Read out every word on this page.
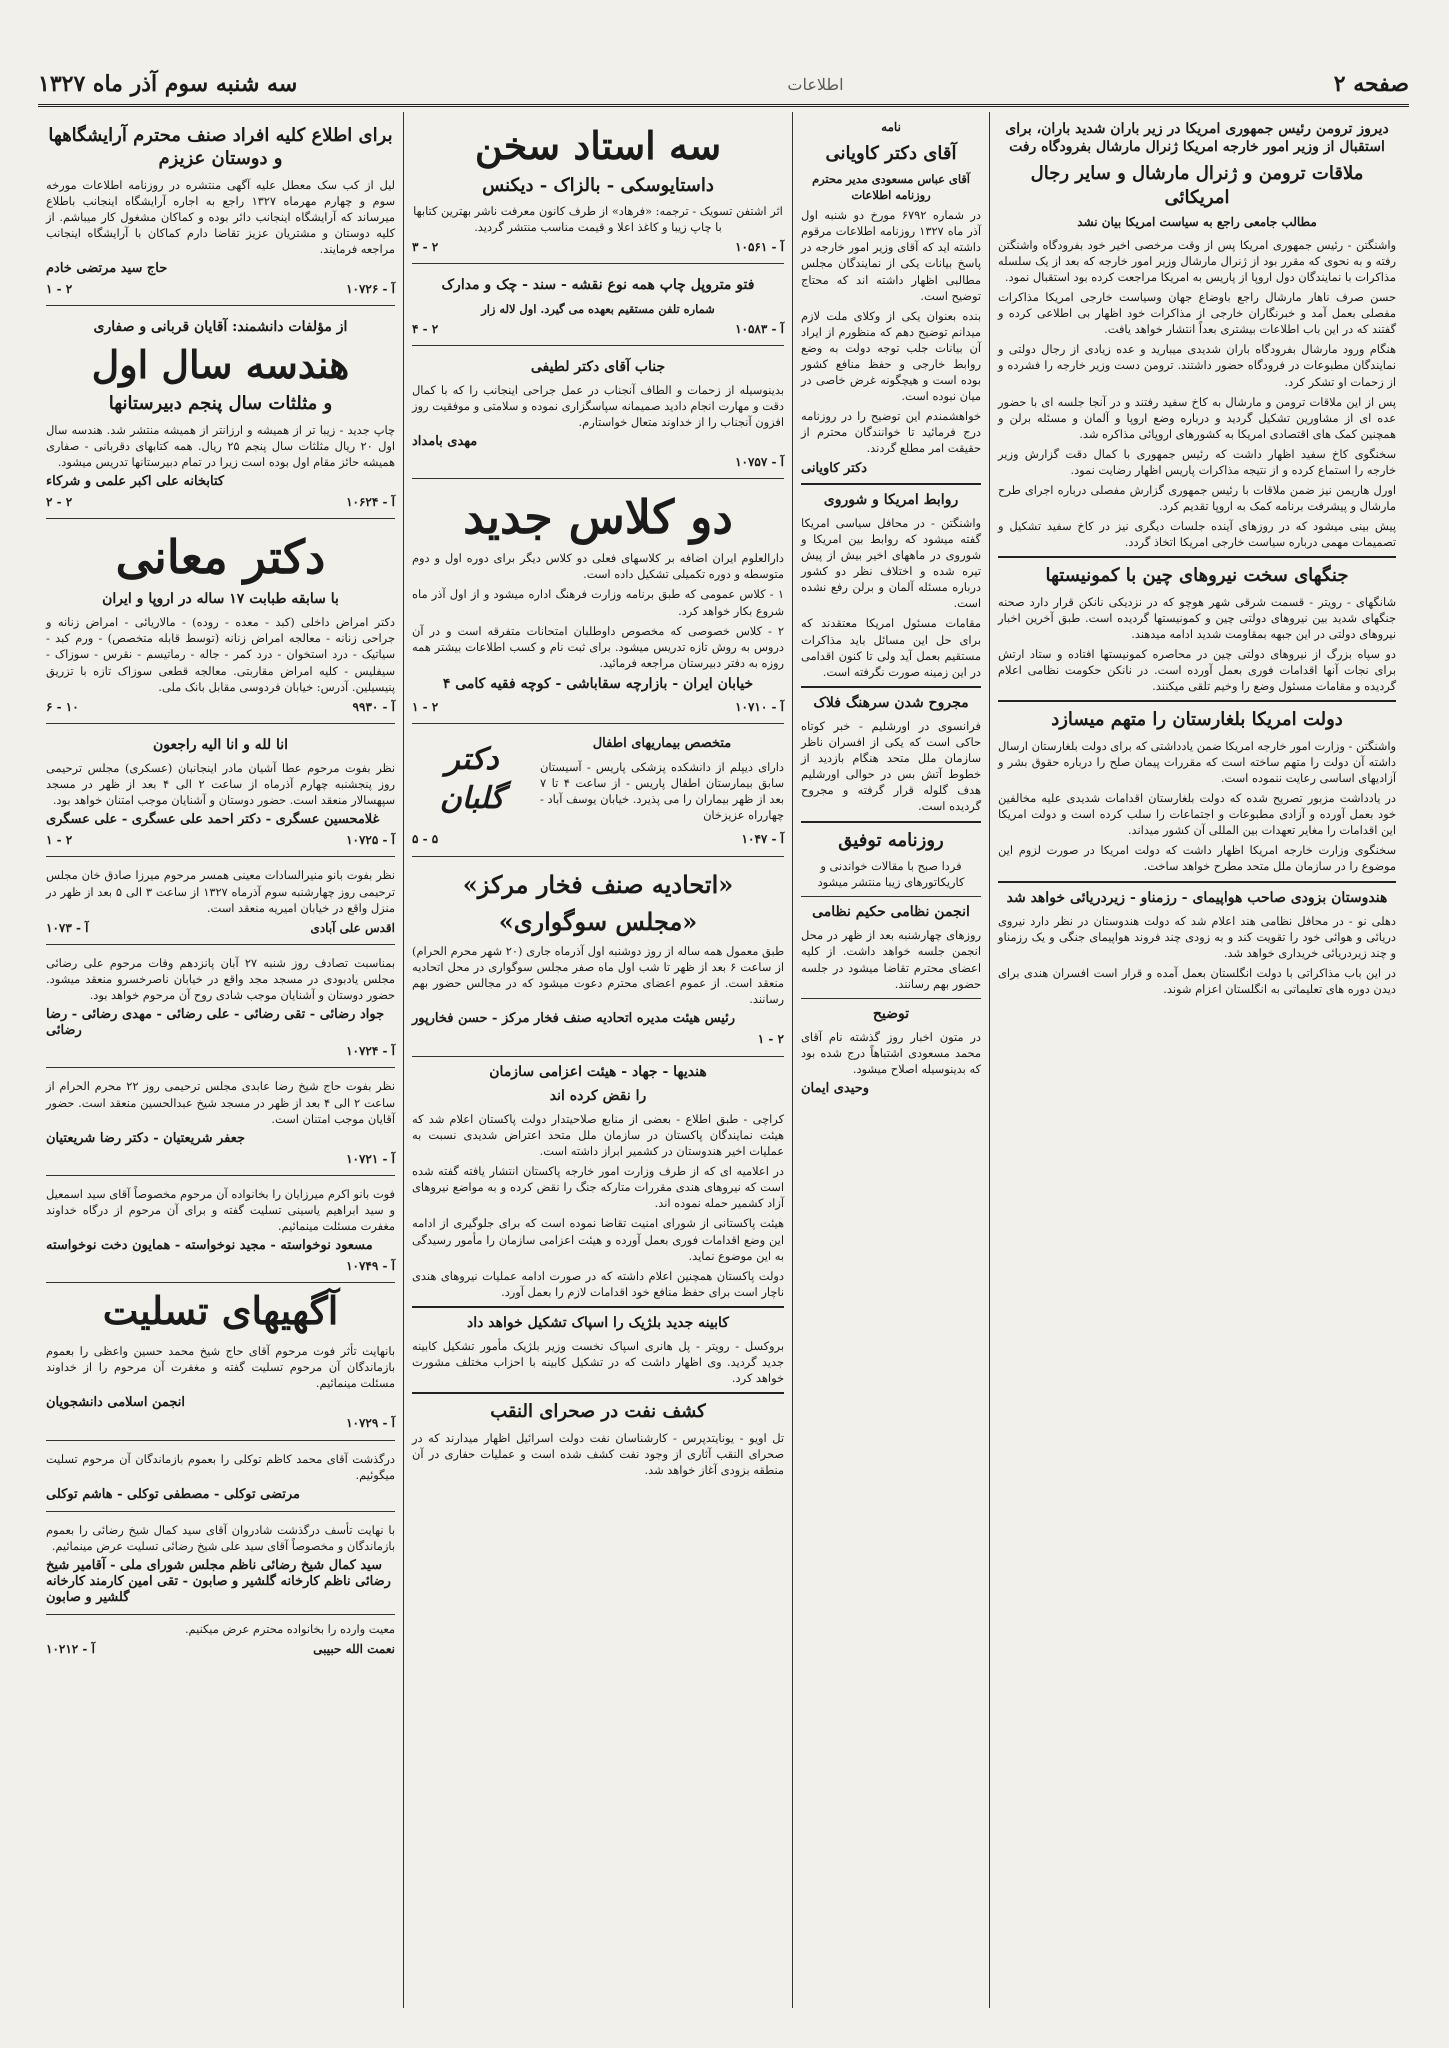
سه شنبه سوم آذر ماه ۱۳۲۷	اطلاعات	صفحه ۲
دیروز ترومن رئیس جمهوری امریکا در زیر باران شدید باران، برای استقبال از وزیر امور خارجه امریکا ژنرال مارشال بفرودگاه رفت
ملاقات ترومن و ژنرال مارشال و سایر رجال امریکائی
مطالب جامعی راجع به سیاست امریکا بیان نشد

واشنگتن - رئیس جمهوری امریکا پس از وقت مرخصی اخیر خود بفرودگاه واشنگتن رفته و به نحوی که مقرر بود از ژنرال مارشال وزیر امور خارجه که بعد از یک سلسله مذاکرات با نمایندگان دول اروپا از پاریس به امریکا مراجعت کرده بود استقبال نمود.

حسن صرف ناهار مارشال راجع باوضاع جهان وسیاست خارجی امریکا مذاکرات مفصلی بعمل آمد و خبرنگاران خارجی از مذاکرات خود اظهار بی اطلاعی کرده و گفتند که در این باب اطلاعات بیشتری بعداً انتشار خواهد یافت.

هنگام ورود مارشال بفرودگاه باران شدیدی میبارید و عده زیادی از رجال دولتی و نمایندگان مطبوعات در فرودگاه حضور داشتند. ترومن دست وزیر خارجه را فشرده و از زحمات او تشکر کرد.

پس از این ملاقات ترومن و مارشال به کاخ سفید رفتند و در آنجا جلسه ای با حضور عده ای از مشاورین تشکیل گردید و درباره وضع اروپا و آلمان و مسئله برلن و همچنین کمک های اقتصادی امریکا به کشورهای اروپائی مذاکره شد.

سخنگوی کاخ سفید اظهار داشت که رئیس جمهوری با کمال دقت گزارش وزیر خارجه را استماع کرده و از نتیجه مذاکرات پاریس اظهار رضایت نمود.

اورل هاریمن نیز ضمن ملاقات با رئیس جمهوری گزارش مفصلی درباره اجرای طرح مارشال و پیشرفت برنامه کمک به اروپا تقدیم کرد.

پیش بینی میشود که در روزهای آینده جلسات دیگری نیز در کاخ سفید تشکیل و تصمیمات مهمی درباره سیاست خارجی امریکا اتخاذ گردد.

جنگهای سخت نیروهای چین با کمونیستها

شانگهای - رویتر - قسمت شرقی شهر هوچو که در نزدیکی نانکن قرار دارد صحنه جنگهای شدید بین نیروهای دولتی چین و کمونیستها گردیده است. طبق آخرین اخبار نیروهای دولتی در این جبهه بمقاومت شدید ادامه میدهند.

دو سپاه بزرگ از نیروهای دولتی چین در محاصره کمونیستها افتاده و ستاد ارتش برای نجات آنها اقدامات فوری بعمل آورده است. در نانکن حکومت نظامی اعلام گردیده و مقامات مسئول وضع را وخیم تلقی میکنند.

دولت امریکا بلغارستان را متهم میسازد

واشنگتن - وزارت امور خارجه امریکا ضمن یادداشتی که برای دولت بلغارستان ارسال داشته آن دولت را متهم ساخته است که مقررات پیمان صلح را درباره حقوق بشر و آزادیهای اساسی رعایت ننموده است.

در یادداشت مزبور تصریح شده که دولت بلغارستان اقدامات شدیدی علیه مخالفین خود بعمل آورده و آزادی مطبوعات و اجتماعات را سلب کرده است و دولت امریکا این اقدامات را مغایر تعهدات بین المللی آن کشور میداند.

سخنگوی وزارت خارجه امریکا اظهار داشت که دولت امریکا در صورت لزوم این موضوع را در سازمان ملل متحد مطرح خواهد ساخت.

هندوستان بزودی صاحب هواپیمای - رزمناو - زیردریائی خواهد شد

دهلی نو - در محافل نظامی هند اعلام شد که دولت هندوستان در نظر دارد نیروی دریائی و هوائی خود را تقویت کند و به زودی چند فروند هواپیمای جنگی و یک رزمناو و چند زیردریائی خریداری خواهد شد.

در این باب مذاکراتی با دولت انگلستان بعمل آمده و قرار است افسران هندی برای دیدن دوره های تعلیماتی به انگلستان اعزام شوند.

نامه
آقای دکتر کاویانی

آقای عباس مسعودی مدیر محترم روزنامه اطلاعات

در شماره ۶۷۹۲ مورخ دو شنبه اول آذر ماه ۱۳۲۷ روزنامه اطلاعات مرقوم داشته اید که آقای وزیر امور خارجه در پاسخ بیانات یکی از نمایندگان مجلس مطالبی اظهار داشته اند که محتاج توضیح است.

بنده بعنوان یکی از وکلای ملت لازم میدانم توضیح دهم که منظورم از ایراد آن بیانات جلب توجه دولت به وضع روابط خارجی و حفظ منافع کشور بوده است و هیچگونه غرض خاصی در میان نبوده است.

خواهشمندم این توضیح را در روزنامه درج فرمائید تا خوانندگان محترم از حقیقت امر مطلع گردند.

دکتر کاویانی
روابط امریکا و شوروی

واشنگتن - در محافل سیاسی امریکا گفته میشود که روابط بین امریکا و شوروی در ماههای اخیر بیش از پیش تیره شده و اختلاف نظر دو کشور درباره مسئله آلمان و برلن رفع نشده است.

مقامات مسئول امریکا معتقدند که برای حل این مسائل باید مذاکرات مستقیم بعمل آید ولی تا کنون اقدامی در این زمینه صورت نگرفته است.

مجروح شدن سرهنگ فلاک

فرانسوی در اورشلیم - خبر کوتاه حاکی است که یکی از افسران ناظر سازمان ملل متحد هنگام بازدید از خطوط آتش بس در حوالی اورشلیم هدف گلوله قرار گرفته و مجروح گردیده است.

روزنامه توفیق

فردا صبح با مقالات خواندنی و کاریکاتورهای زیبا منتشر میشود

انجمن نظامی حکیم نظامی

روزهای چهارشنبه بعد از ظهر در محل انجمن جلسه خواهد داشت. از کلیه اعضای محترم تقاضا میشود در جلسه حضور بهم رسانند.

توضیح

در متون اخبار روز گذشته نام آقای محمد مسعودی اشتباهاً درج شده بود که بدینوسیله اصلاح میشود.

وحیدی ایمان
سه استاد سخن
داستایوسکی - بالزاک - دیکنس

اثر اشتفن تسویک - ترجمه: «فرهاد» از طرف کانون معرفت ناشر بهترین کتابها با چاپ زیبا و کاغذ اعلا و قیمت مناسب منتشر گردید.

آ - ۱۰۵۶۱
۲ - ۳
فتو متروپل چاپ همه نوع نقشه - سند - چک و مدارک

شماره تلفن مستقیم بعهده می گیرد. اول لاله زار

آ - ۱۰۵۸۳
۲ - ۴
جناب آقای دکتر لطیفی

بدینوسیله از زحمات و الطاف آنجناب در عمل جراحی اینجانب را که با کمال دقت و مهارت انجام دادید صمیمانه سپاسگزاری نموده و سلامتی و موفقیت روز افزون آنجناب را از خداوند متعال خواستارم.

مهدی بامداد
آ - ۱۰۷۵۷
دو کلاس جدید

دارالعلوم ایران اضافه بر کلاسهای فعلی دو کلاس دیگر برای دوره اول و دوم متوسطه و دوره تکمیلی تشکیل داده است.

۱ - کلاس عمومی که طبق برنامه وزارت فرهنگ اداره میشود و از اول آذر ماه شروع بکار خواهد کرد.

۲ - کلاس خصوصی که مخصوص داوطلبان امتحانات متفرقه است و در آن دروس به روش تازه تدریس میشود. برای ثبت نام و کسب اطلاعات بیشتر همه روزه به دفتر دبیرستان مراجعه فرمائید.

خیابان ایران - بازارچه سقاباشی - کوچه فقیه کامی ۴
آ - ۱۰۷۱۰
۲ - ۱
متخصص بیماریهای اطفال

دارای دیپلم از دانشکده پزشکی پاریس - آسیستان سابق بیمارستان اطفال پاریس - از ساعت ۴ تا ۷ بعد از ظهر بیماران را می پذیرد. خیابان یوسف آباد - چهارراه عزیزخان

دکتر گلبان
آ - ۱۰۴۷
۵ - ۵
«اتحادیه صنف فخار مرکز»
«مجلس سوگواری»

طبق معمول همه ساله از روز دوشنبه اول آذرماه جاری (۲۰ شهر محرم الحرام) از ساعت ۶ بعد از ظهر تا شب اول ماه صفر مجلس سوگواری در محل اتحادیه منعقد است. از عموم اعضای محترم دعوت میشود که در مجالس حضور بهم رسانند.

رئیس هیئت مدیره اتحادیه صنف فخار مرکز - حسن فخارپور
۲ - ۱
هندیها - جهاد - هیئت اعزامی سازمان
را نقض کرده اند

کراچی - طبق اطلاع - بعضی از منابع صلاحیتدار دولت پاکستان اعلام شد که هیئت نمایندگان پاکستان در سازمان ملل متحد اعتراض شدیدی نسبت به عملیات اخیر هندوستان در کشمیر ابراز داشته است.

در اعلامیه ای که از طرف وزارت امور خارجه پاکستان انتشار یافته گفته شده است که نیروهای هندی مقررات متارکه جنگ را نقض کرده و به مواضع نیروهای آزاد کشمیر حمله نموده اند.

هیئت پاکستانی از شورای امنیت تقاضا نموده است که برای جلوگیری از ادامه این وضع اقدامات فوری بعمل آورده و هیئت اعزامی سازمان را مأمور رسیدگی به این موضوع نماید.

دولت پاکستان همچنین اعلام داشته که در صورت ادامه عملیات نیروهای هندی ناچار است برای حفظ منافع خود اقدامات لازم را بعمل آورد.

کابینه جدید بلژیک را اسپاک تشکیل خواهد داد

بروکسل - رویتر - پل هانری اسپاک نخست وزیر بلژیک مأمور تشکیل کابینه جدید گردید. وی اظهار داشت که در تشکیل کابینه با احزاب مختلف مشورت خواهد کرد.

کشف نفت در صحرای النقب

تل اویو - یونایتدپرس - کارشناسان نفت دولت اسرائیل اظهار میدارند که در صحرای النقب آثاری از وجود نفت کشف شده است و عملیات حفاری در آن منطقه بزودی آغاز خواهد شد.

برای اطلاع کلیه افراد صنف محترم آرایشگاهها و دوستان عزیزم

لیل از کب سک معطل علیه آگهی منتشره در روزنامه اطلاعات مورخه سوم و چهارم مهرماه ۱۳۲۷ راجع به اجاره آرایشگاه اینجانب باطلاع میرساند که آرایشگاه اینجانب دائر بوده و کماکان مشغول کار میباشم. از کلیه دوستان و مشتریان عزیز تقاضا دارم کماکان با آرایشگاه اینجانب مراجعه فرمایند.

حاج سید مرتضی خادم
آ - ۱۰۷۲۶
۲ - ۱
از مؤلفات دانشمند: آقایان قربانی و صفاری
هندسه سال اول
و مثلثات سال پنجم دبیرستانها

چاپ جدید - زیبا تر از همیشه و ارزانتر از همیشه منتشر شد. هندسه سال اول ۲۰ ریال مثلثات سال پنجم ۲۵ ریال. همه کتابهای دقربانی - صفاری همیشه حائز مقام اول بوده است زیرا در تمام دبیرستانها تدریس میشود.

کتابخانه علی اکبر علمی و شرکاء
آ - ۱۰۶۲۴
۲ - ۲
دکتر معانی
با سابقه طبابت ۱۷ ساله در اروپا و ایران

دکتر امراض داخلی (کبد - معده - روده) - مالاریائی - امراض زنانه و جراحی زنانه - معالجه امراض زنانه (توسط قابله متخصص) - ورم کبد - سیاتیک - درد استخوان - درد کمر - جاله - رماتیسم - نقرس - سوزاک - سیفلیس - کلیه امراض مقاربتی. معالجه قطعی سوزاک تازه با تزریق پنیسیلین. آدرس: خیابان فردوسی مقابل بانک ملی.

آ - ۹۹۳۰
۱۰ - ۶
انا لله و انا الیه راجعون

نظر بفوت مرحوم عطا آشیان مادر اینجانبان (عسکری) مجلس ترحیمی روز پنجشنبه چهارم آذرماه از ساعت ۲ الی ۴ بعد از ظهر در مسجد سپهسالار منعقد است. حضور دوستان و آشنایان موجب امتنان خواهد بود.

غلامحسین عسگری - دکتر احمد علی عسگری - علی عسگری
آ - ۱۰۷۲۵
۲ - ۱

نظر بفوت بانو منیرالسادات معینی همسر مرحوم میرزا صادق خان مجلس ترحیمی روز چهارشنبه سوم آذرماه ۱۳۲۷ از ساعت ۳ الی ۵ بعد از ظهر در منزل واقع در خیابان امیریه منعقد است.

اقدس علی آبادی
آ - ۱۰۷۳

بمناسبت تصادف روز شنبه ۲۷ آبان پانزدهم وفات مرحوم علی رضائی مجلس یادبودی در مسجد مجد واقع در خیابان ناصرخسرو منعقد میشود. حضور دوستان و آشنایان موجب شادی روح آن مرحوم خواهد بود.

جواد رضائی - تقی رضائی - علی رضائی - مهدی رضائی - رضا رضائی
آ - ۱۰۷۲۴

نظر بفوت حاج شیخ رضا عابدی مجلس ترحیمی روز ۲۲ محرم الحرام از ساعت ۲ الی ۴ بعد از ظهر در مسجد شیخ عبدالحسین منعقد است. حضور آقایان موجب امتنان است.

جعفر شریعتیان - دکتر رضا شریعتیان
آ - ۱۰۷۲۱

فوت بانو اکرم میرزایان را بخانواده آن مرحوم مخصوصاً آقای سید اسمعیل و سید ابراهیم یاسینی تسلیت گفته و برای آن مرحوم از درگاه خداوند مغفرت مسئلت مینمائیم.

مسعود نوخواسته - مجید نوخواسته - همایون دخت نوخواسته
آ - ۱۰۷۴۹
آگهیهای تسلیت

بانهایت تأثر فوت مرحوم آقای حاج شیخ محمد حسین واعظی را بعموم بازماندگان آن مرحوم تسلیت گفته و مغفرت آن مرحوم را از خداوند مسئلت مینمائیم.

انجمن اسلامی دانشجویان
آ - ۱۰۷۲۹

درگذشت آقای محمد کاظم توکلی را بعموم بازماندگان آن مرحوم تسلیت میگوئیم.

مرتضی توکلی - مصطفی توکلی - هاشم توکلی

با نهایت تأسف درگذشت شادروان آقای سید کمال شیخ رضائی را بعموم بازماندگان و مخصوصاً آقای سید علی شیخ رضائی تسلیت عرض مینمائیم.

سید کمال شیخ رضائی ناظم مجلس شورای ملی - آقامیر شیخ رضائی ناظم کارخانه گلشیر و صابون - تقی امین کارمند کارخانه گلشیر و صابون

معیت وارده را بخانواده محترم عرض میکنیم.

نعمت الله حبیبی
آ - ۱۰۲۱۲
